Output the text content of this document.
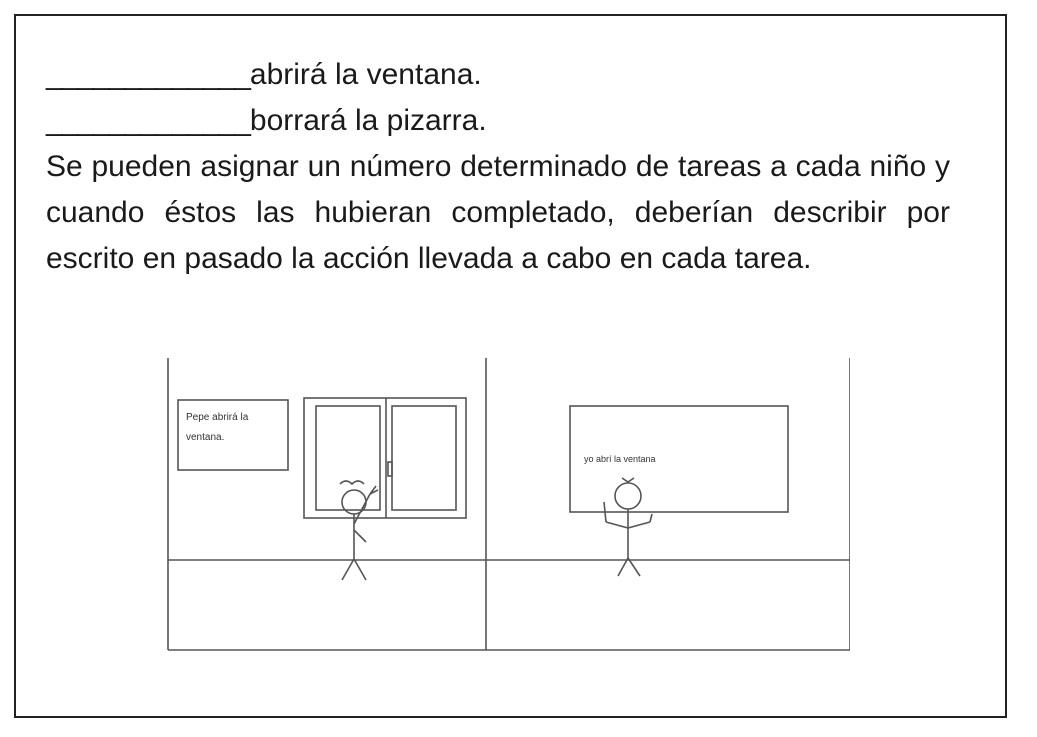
_____________abrirá la ventana.
_____________borrará la pizarra.
Se pueden asignar un número determinado de tareas a cada niño y cuando éstos las hubieran completado, deberían describir por escrito en pasado la acción llevada a cabo en cada tarea.
Pepe abrirá la
ventana.
yo abrí la ventana
